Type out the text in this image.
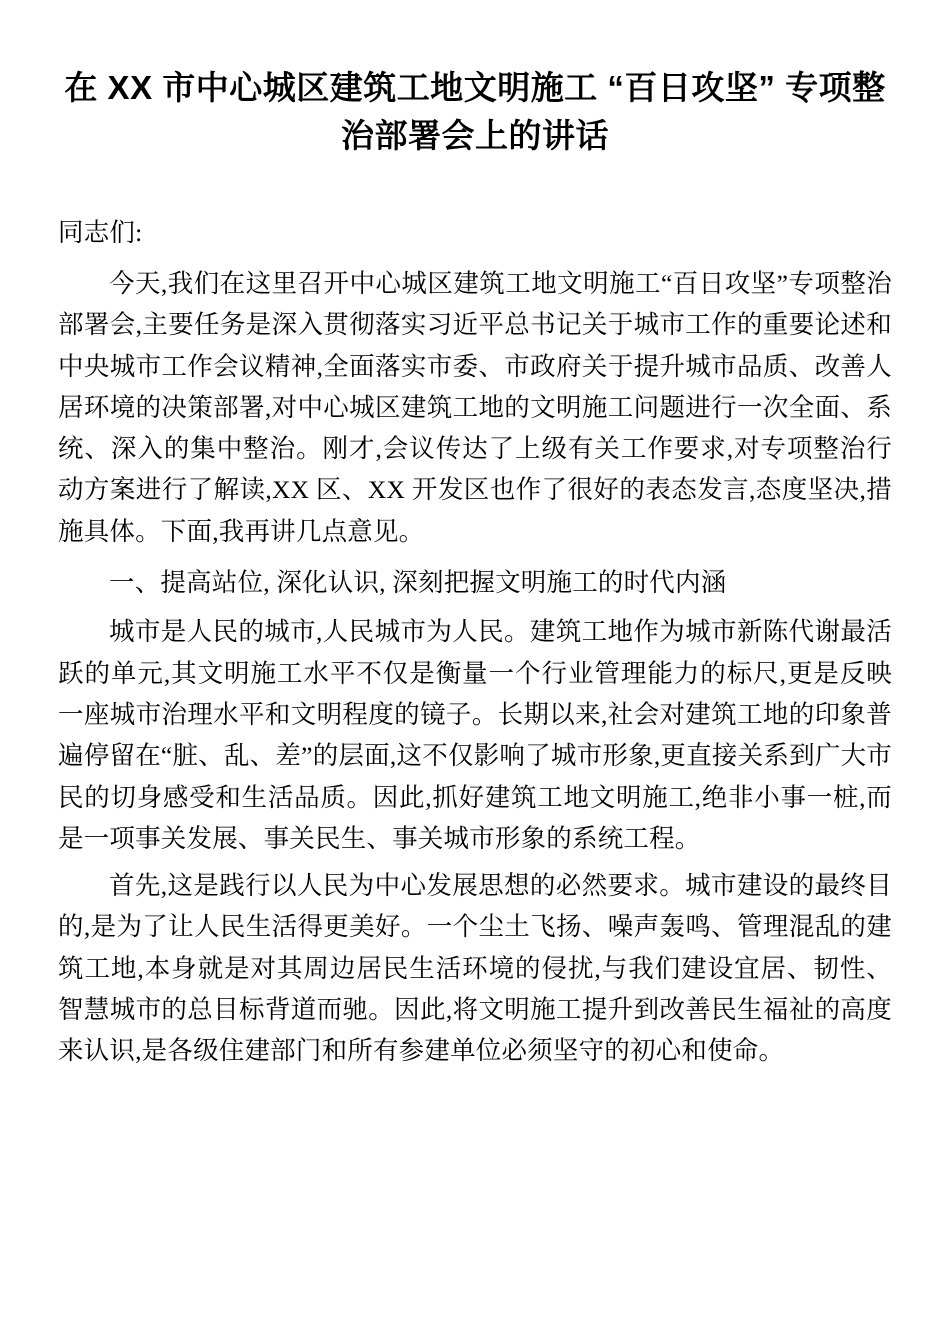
在 XX 市中心城区建筑工地文明施工 “百日攻坚” 专项整治部署会上的讲话

同志们:

今天,我们在这里召开中心城区建筑工地文明施工“百日攻坚”专项整治部署会,主要任务是深入贯彻落实习近平总书记关于城市工作的重要论述和中央城市工作会议精神,全面落实市委、市政府关于提升城市品质、改善人居环境的决策部署,对中心城区建筑工地的文明施工问题进行一次全面、系统、深入的集中整治。刚才,会议传达了上级有关工作要求,对专项整治行动方案进行了解读,XX 区、XX 开发区也作了很好的表态发言,态度坚决,措施具体。下面,我再讲几点意见。

一、提高站位, 深化认识, 深刻把握文明施工的时代内涵

城市是人民的城市,人民城市为人民。建筑工地作为城市新陈代谢最活跃的单元,其文明施工水平不仅是衡量一个行业管理能力的标尺,更是反映一座城市治理水平和文明程度的镜子。长期以来,社会对建筑工地的印象普遍停留在“脏、乱、差”的层面,这不仅影响了城市形象,更直接关系到广大市民的切身感受和生活品质。因此,抓好建筑工地文明施工,绝非小事一桩,而是一项事关发展、事关民生、事关城市形象的系统工程。

首先,这是践行以人民为中心发展思想的必然要求。城市建设的最终目的,是为了让人民生活得更美好。一个尘土飞扬、噪声轰鸣、管理混乱的建筑工地,本身就是对其周边居民生活环境的侵扰,与我们建设宜居、韧性、智慧城市的总目标背道而驰。因此,将文明施工提升到改善民生福祉的高度来认识,是各级住建部门和所有参建单位必须坚守的初心和使命。
